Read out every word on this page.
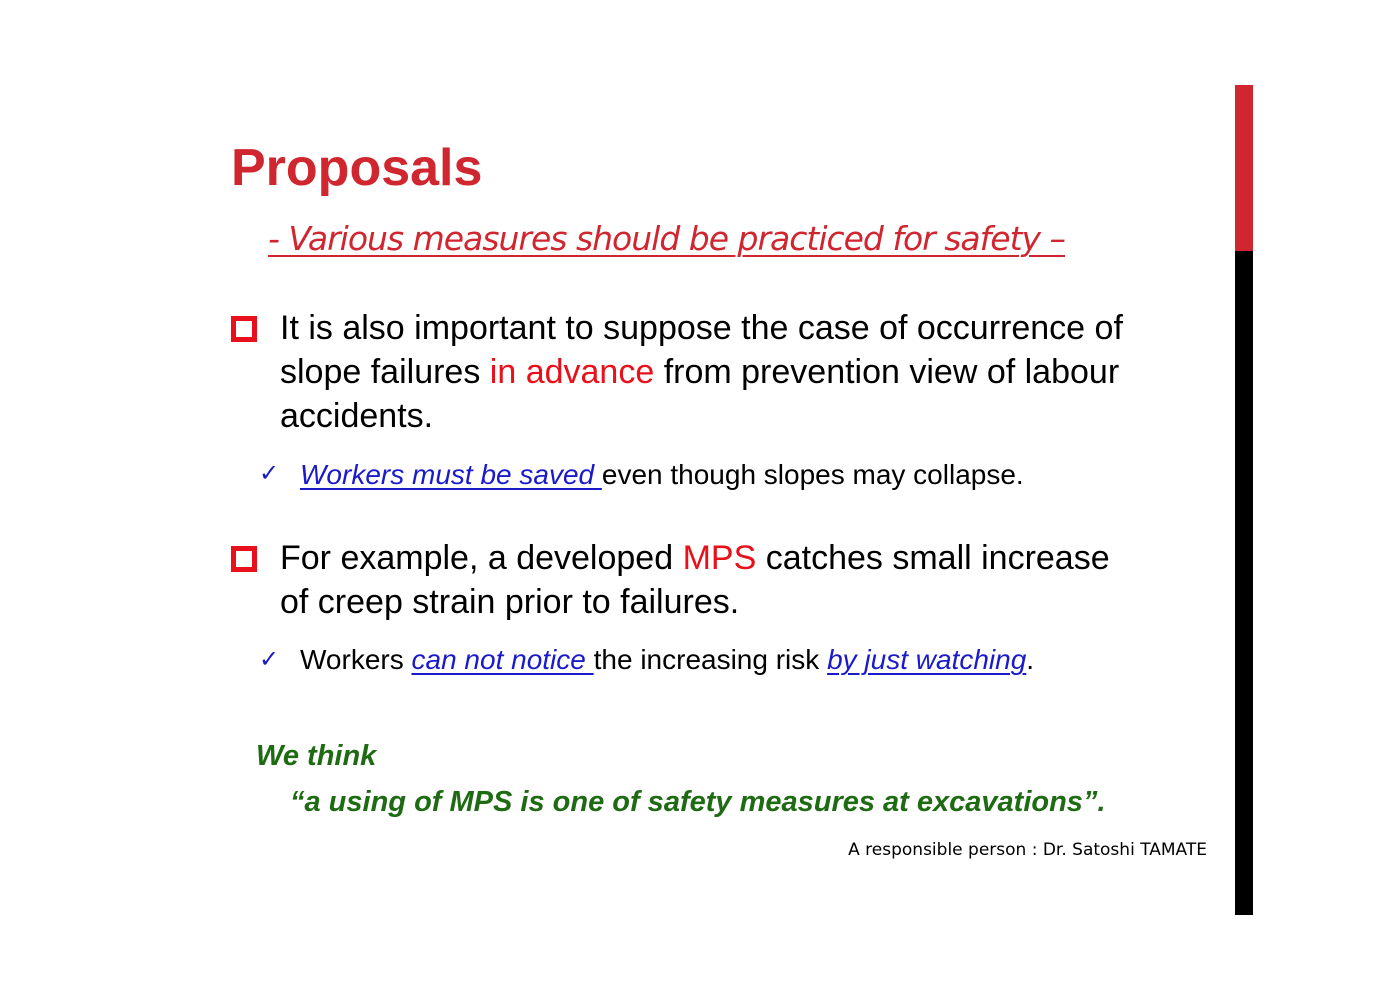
Proposals
- Various measures should be practiced for safety –
It is also important to suppose the case of occurrence of
slope failures in advance from prevention view of labour
accidents.
✓ Workers must be saved even though slopes may collapse.
For example, a developed MPS catches small increase
of creep strain prior to failures.
✓ Workers can not notice the increasing risk by just watching.
We think
“a using of MPS is one of safety measures at excavations”.
A responsible person : Dr. Satoshi TAMATE
